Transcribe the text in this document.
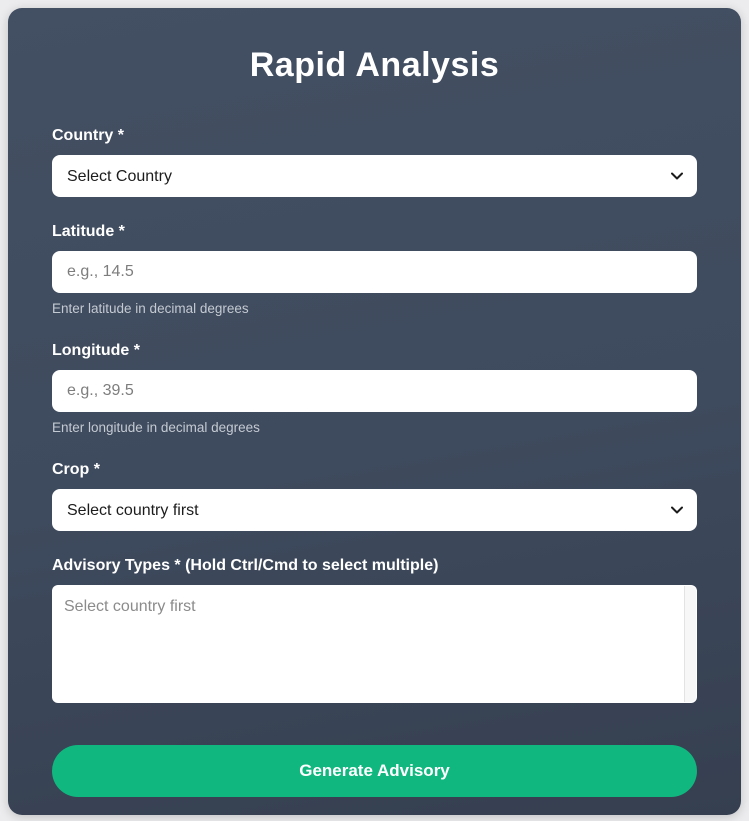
Rapid Analysis
Country *
Select Country
Latitude *
e.g., 14.5
Enter latitude in decimal degrees
Longitude *
e.g., 39.5
Enter longitude in decimal degrees
Crop *
Select country first
Advisory Types * (Hold Ctrl/Cmd to select multiple)
Select country first
Generate Advisory
